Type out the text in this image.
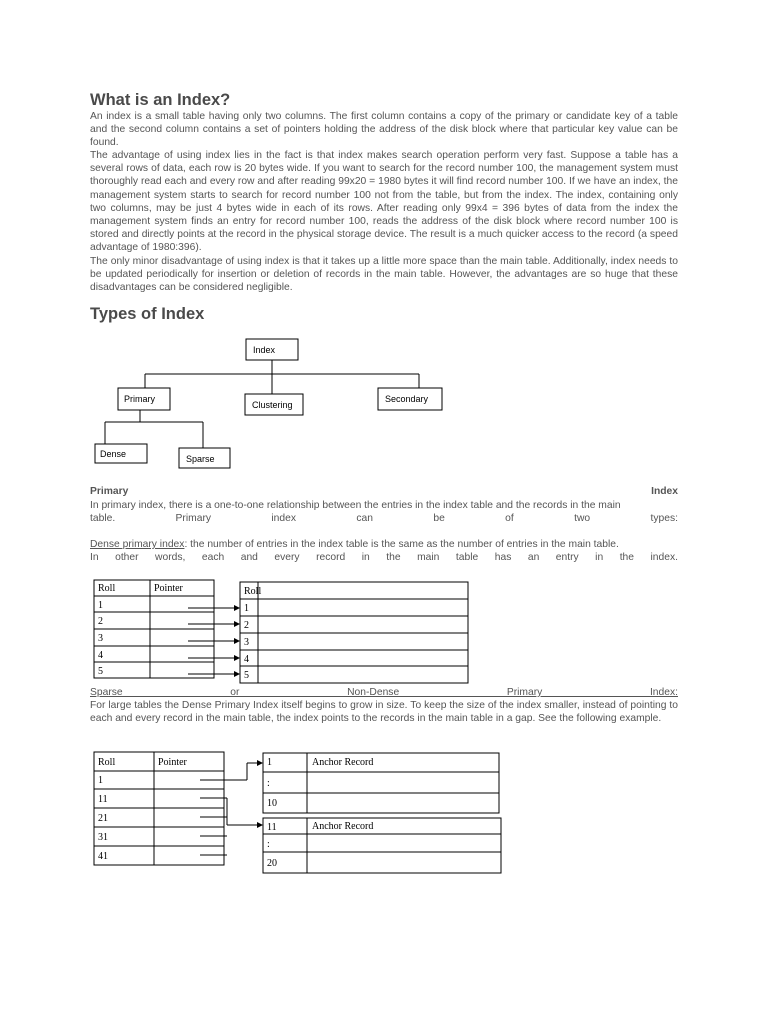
What is an Index?

An index is a small table having only two columns. The first column contains a copy of the primary or candidate key of a table and the second column contains a set of pointers holding the address of the disk block where that particular key value can be found.

The advantage of using index lies in the fact is that index makes search operation perform very fast. Suppose a table has a several rows of data, each row is 20 bytes wide. If you want to search for the record number 100, the management system must thoroughly read each and every row and after reading 99x20 = 1980 bytes it will find record number 100. If we have an index, the management system starts to search for record number 100 not from the table, but from the index. The index, containing only two columns, may be just 4 bytes wide in each of its rows. After reading only 99x4 = 396 bytes of data from the index the management system finds an entry for record number 100, reads the address of the disk block where record number 100 is stored and directly points at the record in the physical storage device. The result is a much quicker access to the record (a speed advantage of 1980:396).

The only minor disadvantage of using index is that it takes up a little more space than the main table. Additionally, index needs to be updated periodically for insertion or deletion of records in the main table. However, the advantages are so huge that these disadvantages can be considered negligible.

Types of Index
Index
Primary
Clustering
Secondary
Dense	Sparse
Primary	Index
In primary index, there is a one-to-one relationship between the entries in the index table and the records in the main
table. Primary index can be of two types:
Dense primary index: the number of entries in the index table is the same as the number of entries in the main table.
In other words, each and every record in the main table has an entry in the index.
Roll	Pointer
1
2
3
4
5
Roll
1
2
3
4
5
Sparse or Non-Dense Primary Index:

For large tables the Dense Primary Index itself begins to grow in size. To keep the size of the index smaller, instead of pointing to each and every record in the main table, the index points to the records in the main table in a gap. See the following example.

Roll	Pointer
1
11
21
31
41
1	Anchor Record
:
10
11	Anchor Record
:
20
